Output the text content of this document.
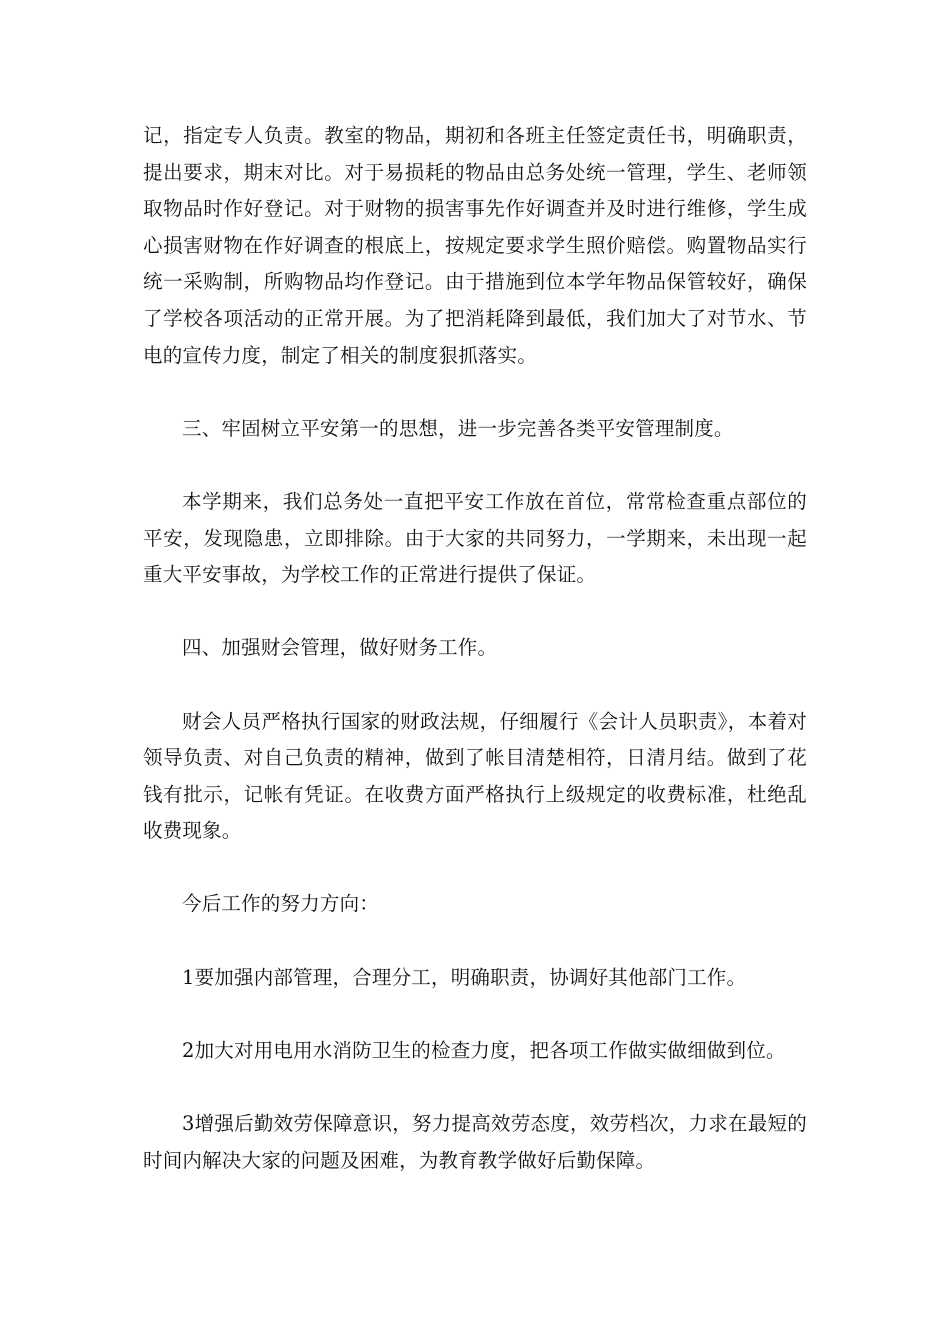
记，指定专人负责。教室的物品，期初和各班主任签定责任书，明确职责，提出要求，期末对比。对于易损耗的物品由总务处统一管理，学生、老师领取物品时作好登记。对于财物的损害事先作好调查并及时进行维修，学生成心损害财物在作好调查的根底上，按规定要求学生照价赔偿。购置物品实行统一采购制，所购物品均作登记。由于措施到位本学年物品保管较好，确保了学校各项活动的正常开展。为了把消耗降到最低，我们加大了对节水、节电的宣传力度，制定了相关的制度狠抓落实。

三、牢固树立平安第一的思想，进一步完善各类平安管理制度。

本学期来，我们总务处一直把平安工作放在首位，常常检查重点部位的平安，发现隐患，立即排除。由于大家的共同努力，一学期来，未出现一起重大平安事故，为学校工作的正常进行提供了保证。

四、加强财会管理，做好财务工作。

财会人员严格执行国家的财政法规，仔细履行《会计人员职责》，本着对领导负责、对自己负责的精神，做到了帐目清楚相符，日清月结。做到了花钱有批示，记帐有凭证。在收费方面严格执行上级规定的收费标准，杜绝乱收费现象。

今后工作的努力方向：

1要加强内部管理，合理分工，明确职责，协调好其他部门工作。

2加大对用电用水消防卫生的检查力度，把各项工作做实做细做到位。

3增强后勤效劳保障意识，努力提高效劳态度，效劳档次，力求在最短的时间内解决大家的问题及困难，为教育教学做好后勤保障。
